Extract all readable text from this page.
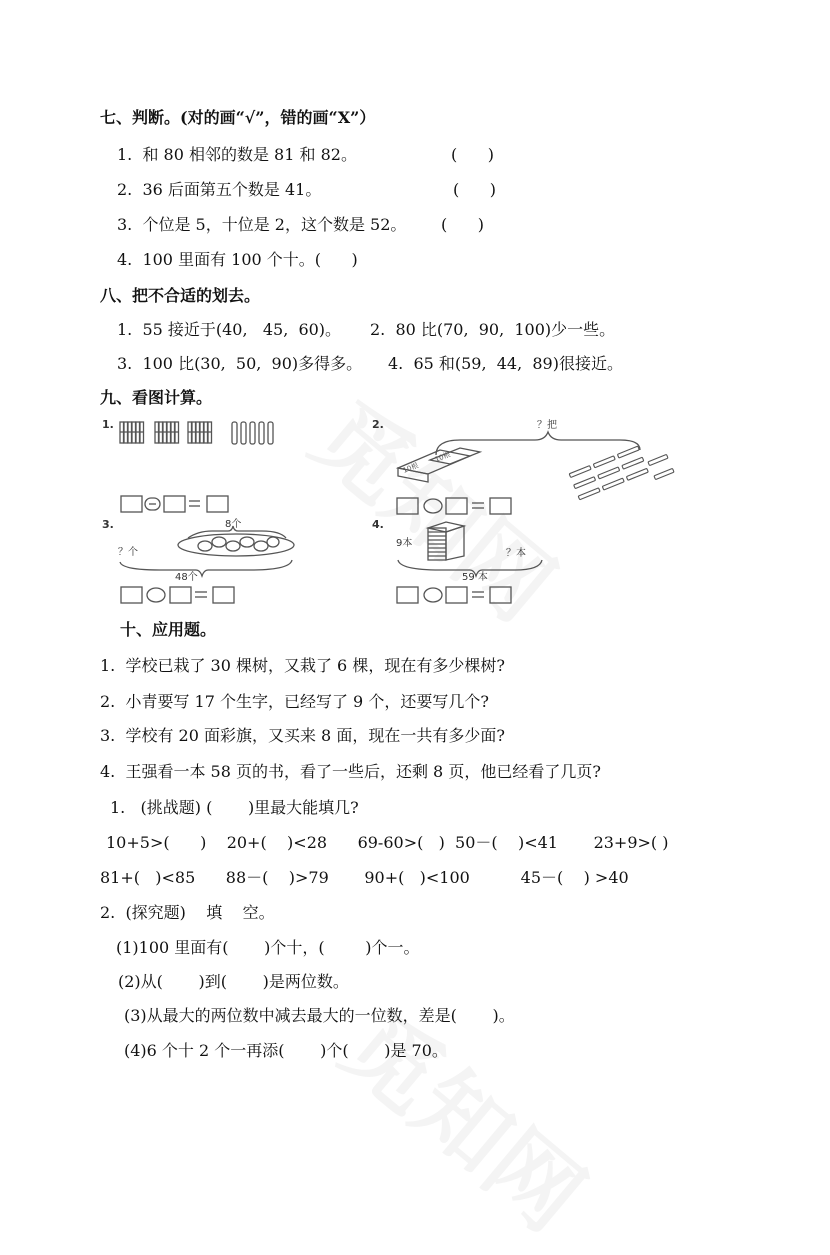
七、判断。(对的画“√”，错的画“X”）
1.  和 80 相邻的数是 81 和 82。	(      )
2.  36 后面第五个数是 41。	(      )
3.  个位是 5，十位是 2，这个数是 52。 (      )
4.  100 里面有 100 个十。(      )
八、把不合适的划去。
1.  55 接近于(40,   45,  60)。 2.  80 比(70,  90,  100)少一些。
3.  100 比(30,  50,  90)多得多。 4.  65 和(59,  44,  89)很接近。
九、看图计算。
1.	2.	？把
10根
10根
3.	8个
？个
48个
4.
9本
？本
59 本
十、应用题。
1.  学校已栽了 30 棵树，又栽了 6 棵，现在有多少棵树?
2.  小青要写 17 个生字，已经写了 9 个，还要写几个?
3.  学校有 20 面彩旗，又买来 8 面，现在一共有多少面?
4.  王强看一本 58 页的书，看了一些后，还剩 8 页，他已经看了几页?
1.   (挑战题) (       )里最大能填几?
10+5>(      )    20+(    )<28      69-60>(   )  50－(    )<41       23+9>( )
81+(   )<85      88－(    )>79       90+(   )<100          45－(    ) >40
2.  (探究题)    填    空。
(1)100 里面有(       )个十，(        )个一。
(2)从(       )到(       )是两位数。
(3)从最大的两位数中减去最大的一位数，差是(       )。
(4)6 个十 2 个一再添(       )个(       )是 70。
